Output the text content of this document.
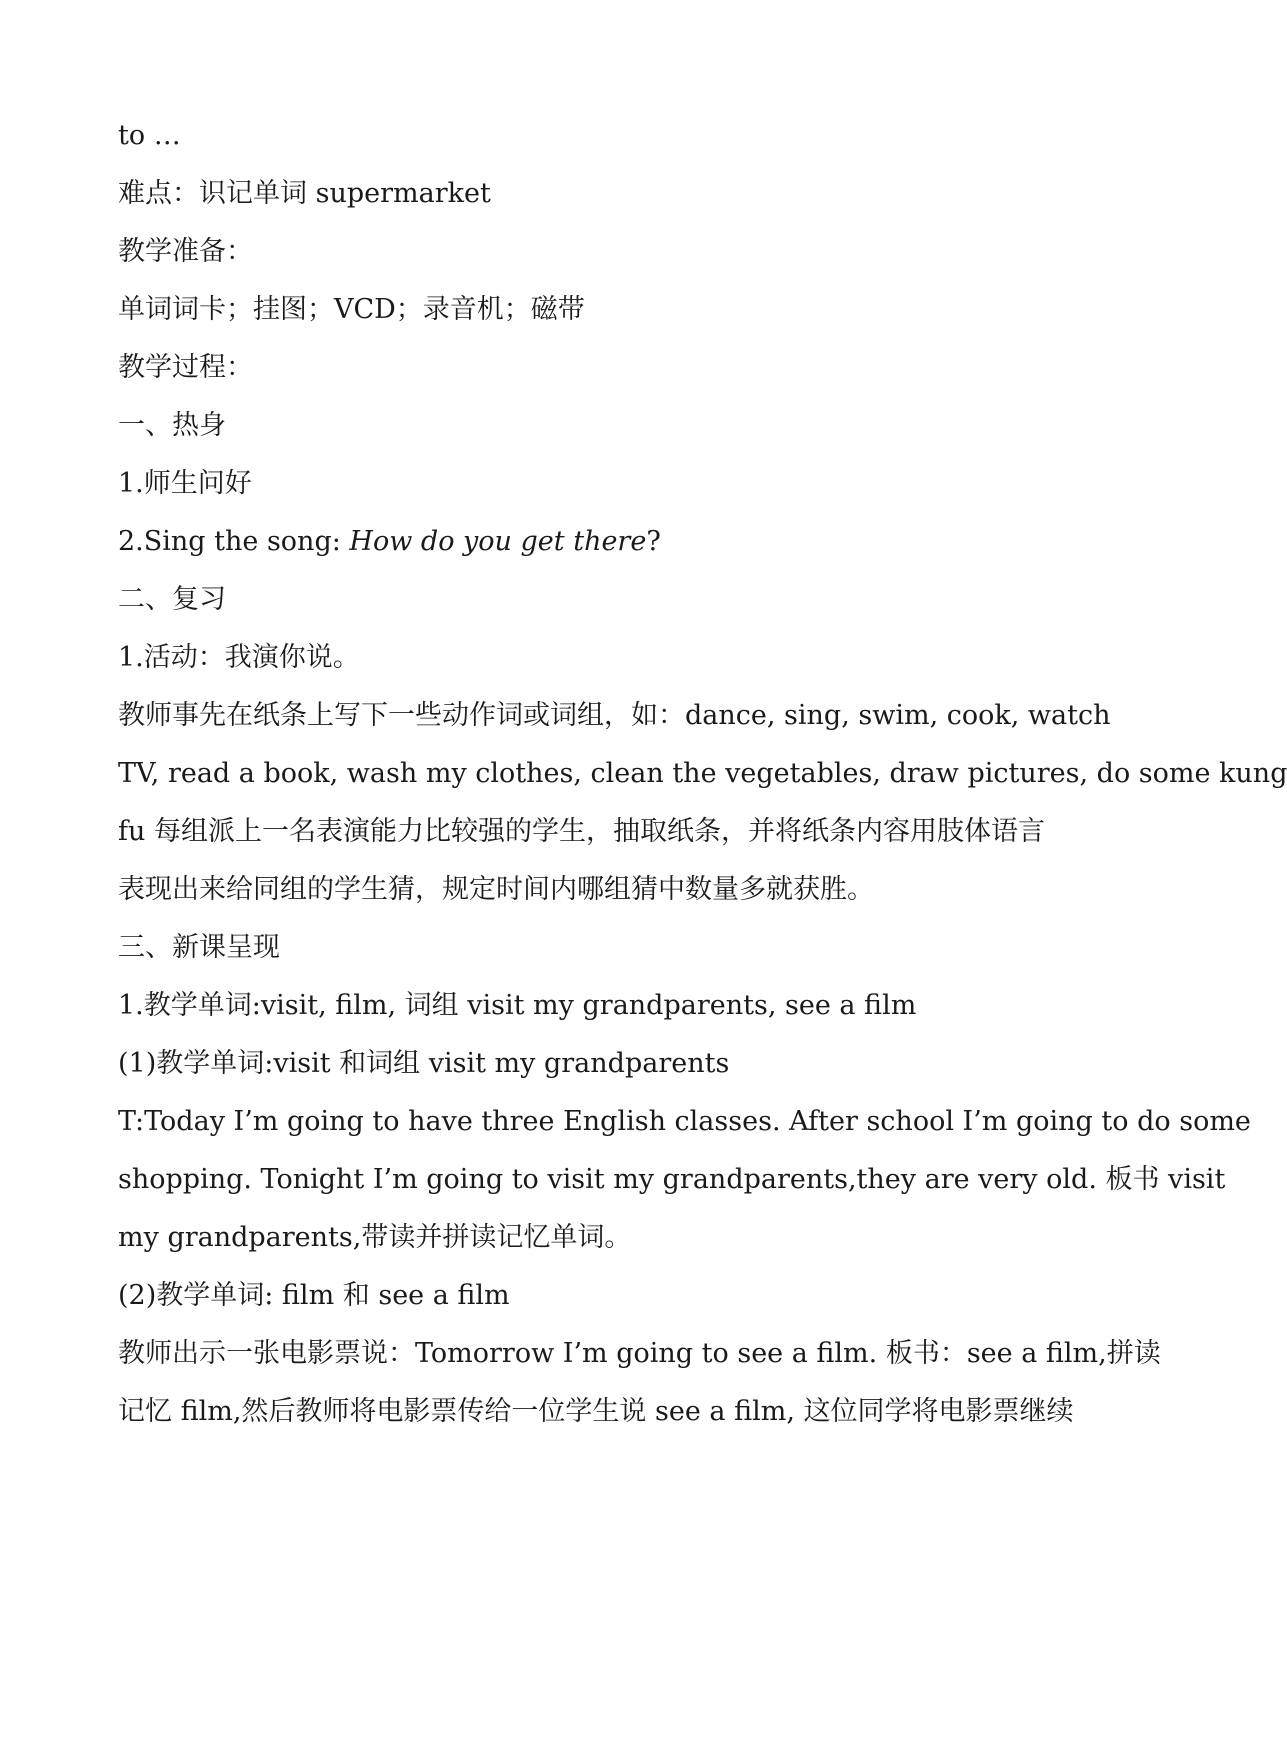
to …
难点：识记单词 supermarket
教学准备：
单词词卡；挂图；VCD；录音机；磁带
教学过程：
一、热身
1.师生问好
2.Sing the song: How do you get there?
二、复习
1.活动：我演你说。
教师事先在纸条上写下一些动作词或词组，如：dance, sing, swim, cook, watch
TV, read a book, wash my clothes, clean the vegetables, draw pictures, do some kung
fu 每组派上一名表演能力比较强的学生，抽取纸条，并将纸条内容用肢体语言
表现出来给同组的学生猜，规定时间内哪组猜中数量多就获胜。
三、新课呈现
1.教学单词:visit, film, 词组 visit my grandparents, see a film
(1)教学单词:visit 和词组 visit my grandparents
T:Today I’m going to have three English classes. After school I’m going to do some
shopping. Tonight I’m going to visit my grandparents,they are very old. 板书 visit
my grandparents,带读并拼读记忆单词。
(2)教学单词: film 和 see a film
教师出示一张电影票说：Tomorrow I’m going to see a film. 板书：see a film,拼读
记忆 film,然后教师将电影票传给一位学生说 see a film, 这位同学将电影票继续
